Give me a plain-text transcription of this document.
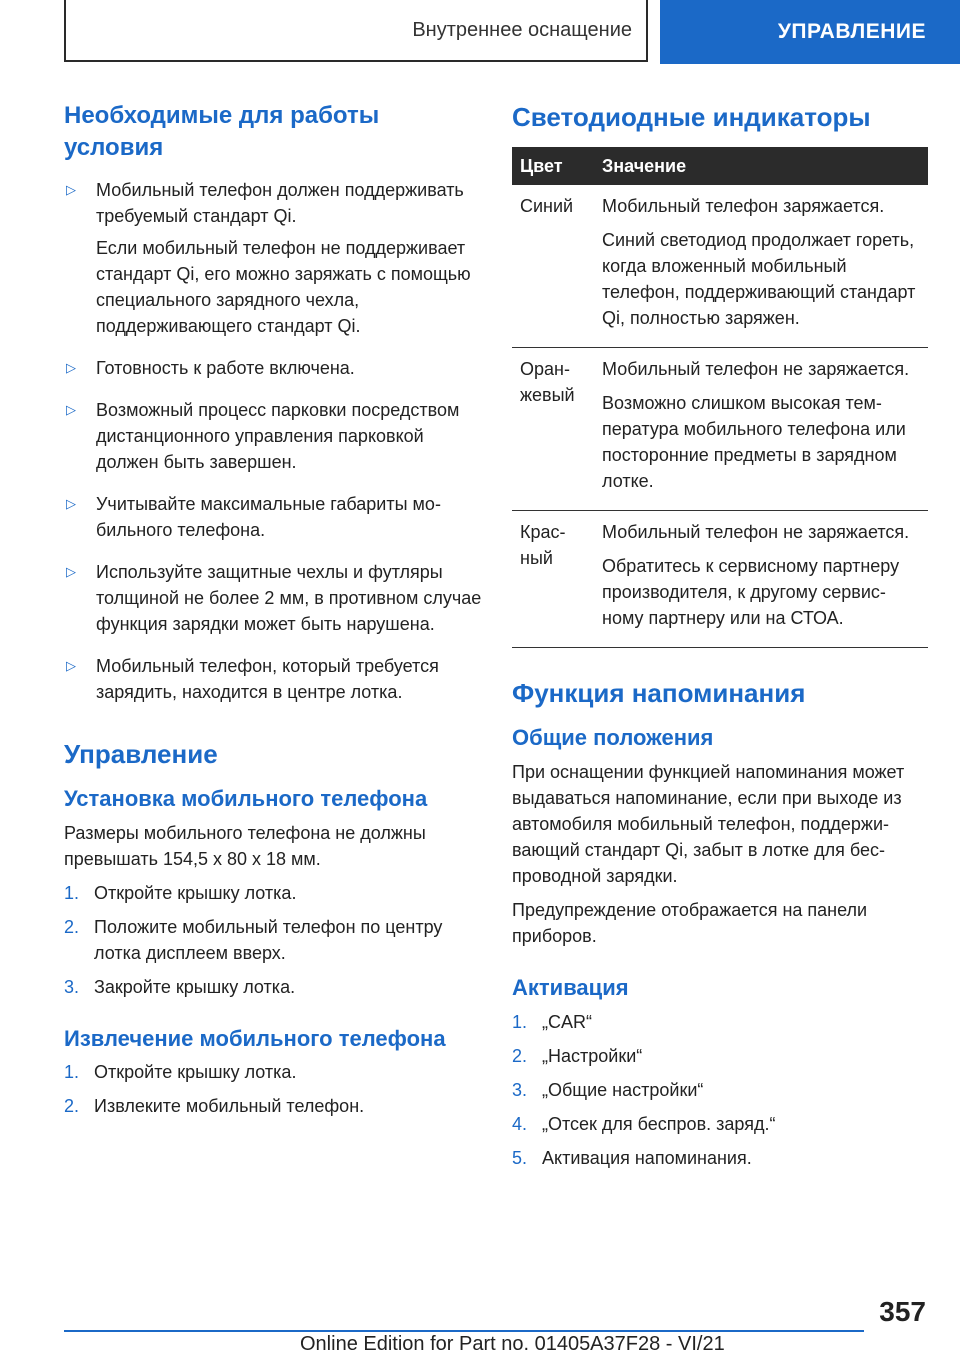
Внутреннее оснащение	УПРАВЛЕНИЕ
Необходимые для работы условия
▷	Мобильный телефон должен поддерживать требуемый стандарт Qi.

Если мобильный телефон не поддерживает стандарт Qi, его можно заряжать с помощью специального зарядного чехла, поддерживающего стандарт Qi.

▷	Готовность к работе включена.

▷	Возможный процесс парковки посредством дистанционного управления парковкой должен быть завершен.

▷	Учитывайте максимальные габариты мобильного телефона.

▷	Используйте защитные чехлы и футляры толщиной не более 2 мм, в противном случае функция зарядки может быть нарушена.

▷	Мобильный телефон, который требуется зарядить, находится в центре лотка.

Управление
Установка мобильного телефона

Размеры мобильного телефона не должны превышать 154,5 x 80 x 18 мм.

1. Откройте крышку лотка.
2. Положите мобильный телефон по центру лотка дисплеем вверх.
3. Закройте крышку лотка.
Извлечение мобильного телефона
1. Откройте крышку лотка.
2. Извлеките мобильный телефон.
Светодиодные индикаторы
Цвет	Значение
Синий	Мобильный телефон заряжается.

Синий светодиод продолжает гореть, когда вложенный мобильный телефон, поддерживающий стандарт Qi, полностью заряжен.

Оранжевый	Мобильный телефон не заряжается.

Возможно слишком высокая температура мобильного телефона или посторонние предметы в зарядном лотке.

Красный	Мобильный телефон не заряжается.

Обратитесь к сервисному партнеру производителя, к другому сервисному партнеру или на СТОА.

Функция напоминания
Общие положения

При оснащении функцией напоминания может выдаваться напоминание, если при выходе из автомобиля мобильный телефон, поддерживающий стандарт Qi, забыт в лотке для беспроводной зарядки.

Предупреждение отображается на панели приборов.

Активация
1. „CAR“
2. „Настройки“
3. „Общие настройки“
4. „Отсек для беспров. заряд.“
5. Активация напоминания.
357
Online Edition for Part no. 01405A37F28 - VI/21
